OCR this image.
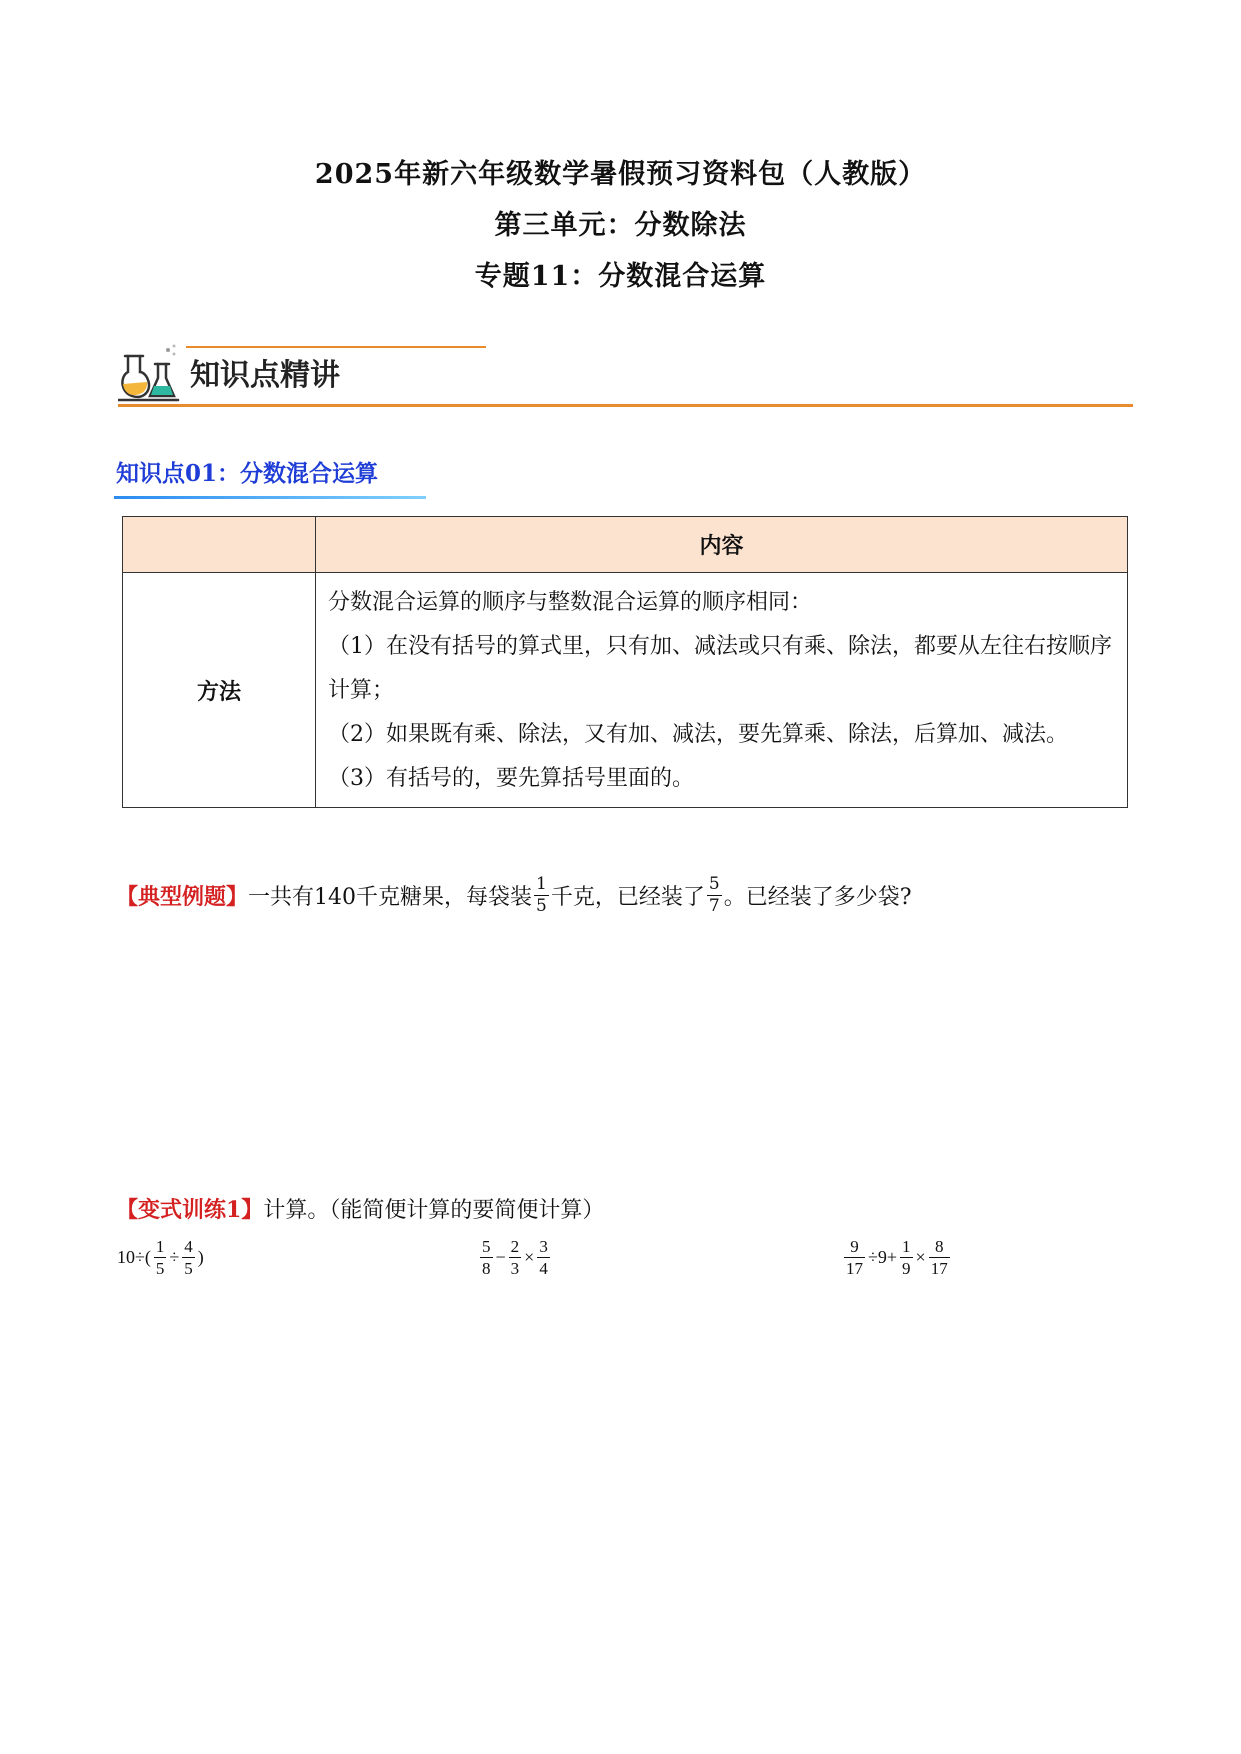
2025年新六年级数学暑假预习资料包（人教版）
第三单元：分数除法
专题11：分数混合运算
知识点精讲
知识点01：分数混合运算
	内容
方法	分数混合运算的顺序与整数混合运算的顺序相同：
（1）在没有括号的算式里，只有加、减法或只有乘、除法，都要从左往右按顺序计算；
（2）如果既有乘、除法，又有加、减法，要先算乘、除法，后算加、减法。
（3）有括号的，要先算括号里面的。
【典型例题】 一共有140千克糖果，每袋装 $\frac{1}{5}$ 千克，已经装了 $\frac{5}{7}$ 。已经装了多少袋?
【变式训练1】计算。（能简便计算的要简便计算）
$10\div( \frac{1}{5} \div \frac{4}{5}$ )	$\frac{5}{8} - \frac{2}{3} \times \frac{3}{4}$	$\frac{9}{17} \div 9+ \frac{1}{9} \times \frac{8}{17}$
